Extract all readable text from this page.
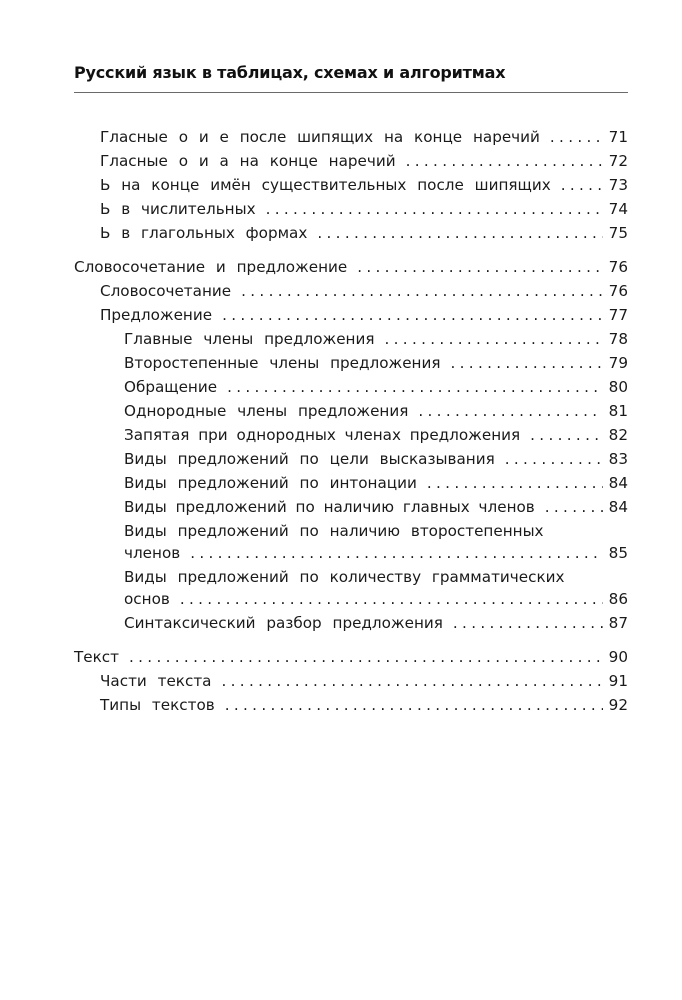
Русский язык в таблицах, схемах и алгоритмах
Гласные о и е после шипящих на конце наречий . . .	71
Гласные о и а на конце наречий . . .	72
Ь на конце имён существительных после шипящих . . .	73
Ь в числительных . . .	74
Ь в глагольных формах . . .	75
Словосочетание и предложение . . .	76
Словосочетание . . .	76
Предложение . . .	77
Главные члены предложения . . .	78
Второстепенные члены предложения . . .	79
Обращение . . .	80
Однородные члены предложения . . .	81
Запятая при однородных членах предложения . . .	82
Виды предложений по цели высказывания . . .	83
Виды предложений по интонации . . .	84
Виды предложений по наличию главных членов . . .	84
Виды предложений по наличию второстепенных
членов . . .	85
Виды предложений по количеству грамматических
основ . . .	86
Синтаксический разбор предложения . . .	87
Текст . . .	90
Части текста . . .	91
Типы текстов . . .	92
